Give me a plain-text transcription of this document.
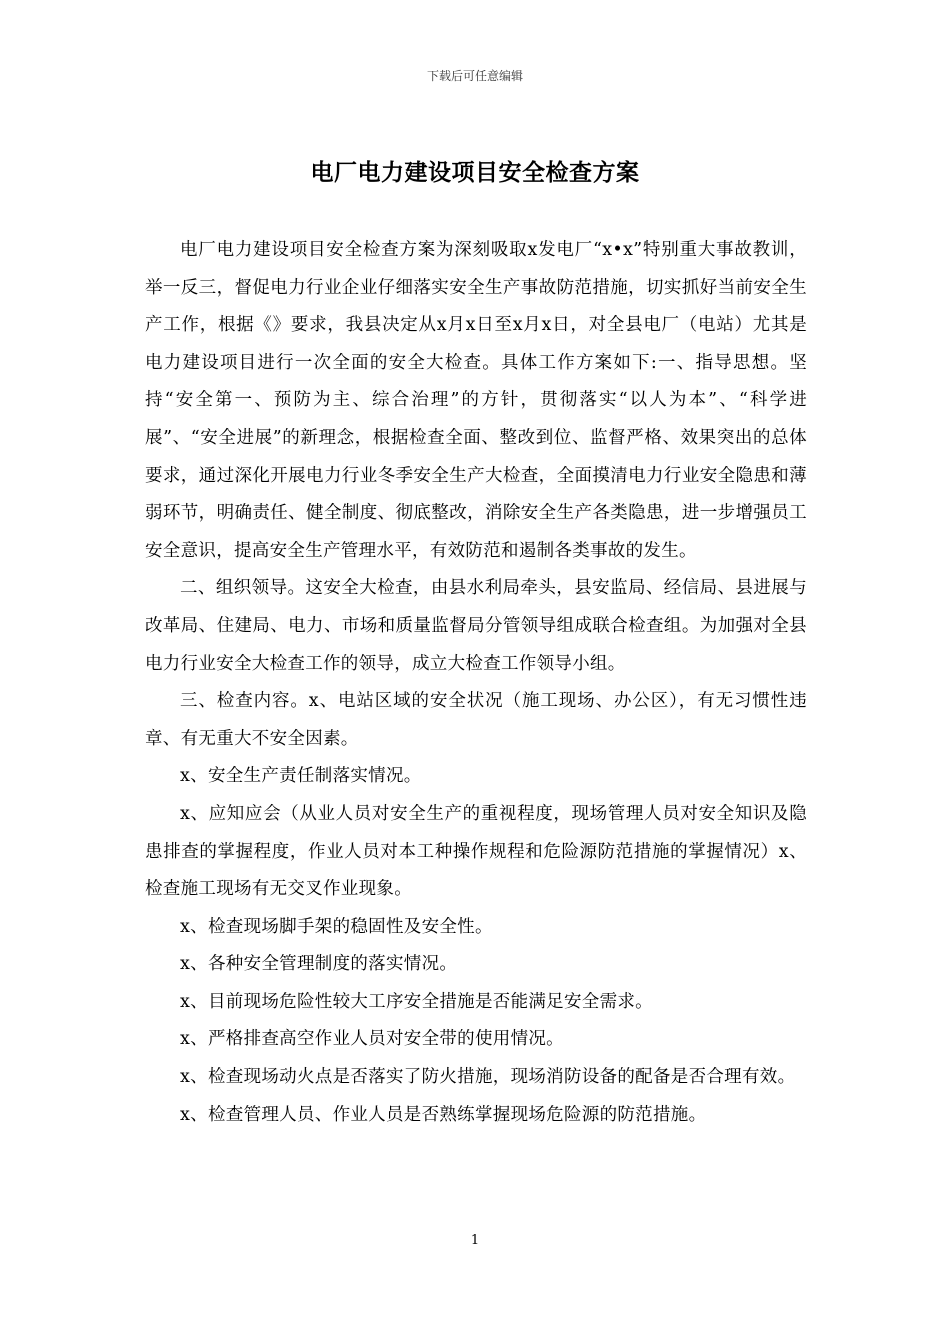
下载后可任意编辑
电厂电力建设项目安全检查方案

电厂电力建设项目安全检查方案为深刻吸取x发电厂“x•x”特别重大事故教训，举一反三，督促电力行业企业仔细落实安全生产事故防范措施，切实抓好当前安全生产工作，根据《》要求，我县决定从x月x日至x月x日，对全县电厂（电站）尤其是电力建设项目进行一次全面的安全大检查。具体工作方案如下:一、指导思想。坚持“安全第一、预防为主、综合治理”的方针，贯彻落实“以人为本”、“科学进展”、“安全进展”的新理念，根据检查全面、整改到位、监督严格、效果突出的总体要求，通过深化开展电力行业冬季安全生产大检查，全面摸清电力行业安全隐患和薄弱环节，明确责任、健全制度、彻底整改，消除安全生产各类隐患，进一步增强员工安全意识，提高安全生产管理水平，有效防范和遏制各类事故的发生。

二、组织领导。这安全大检查，由县水利局牵头，县安监局、经信局、县进展与改革局、住建局、电力、市场和质量监督局分管领导组成联合检查组。为加强对全县电力行业安全大检查工作的领导，成立大检查工作领导小组。

三、检查内容。x、电站区域的安全状况（施工现场、办公区），有无习惯性违章、有无重大不安全因素。

x、安全生产责任制落实情况。

x、应知应会（从业人员对安全生产的重视程度，现场管理人员对安全知识及隐患排查的掌握程度，作业人员对本工种操作规程和危险源防范措施的掌握情况）x、检查施工现场有无交叉作业现象。

x、检查现场脚手架的稳固性及安全性。

x、各种安全管理制度的落实情况。

x、目前现场危险性较大工序安全措施是否能满足安全需求。

x、严格排查高空作业人员对安全带的使用情况。

x、检查现场动火点是否落实了防火措施，现场消防设备的配备是否合理有效。

x、检查管理人员、作业人员是否熟练掌握现场危险源的防范措施。

1
